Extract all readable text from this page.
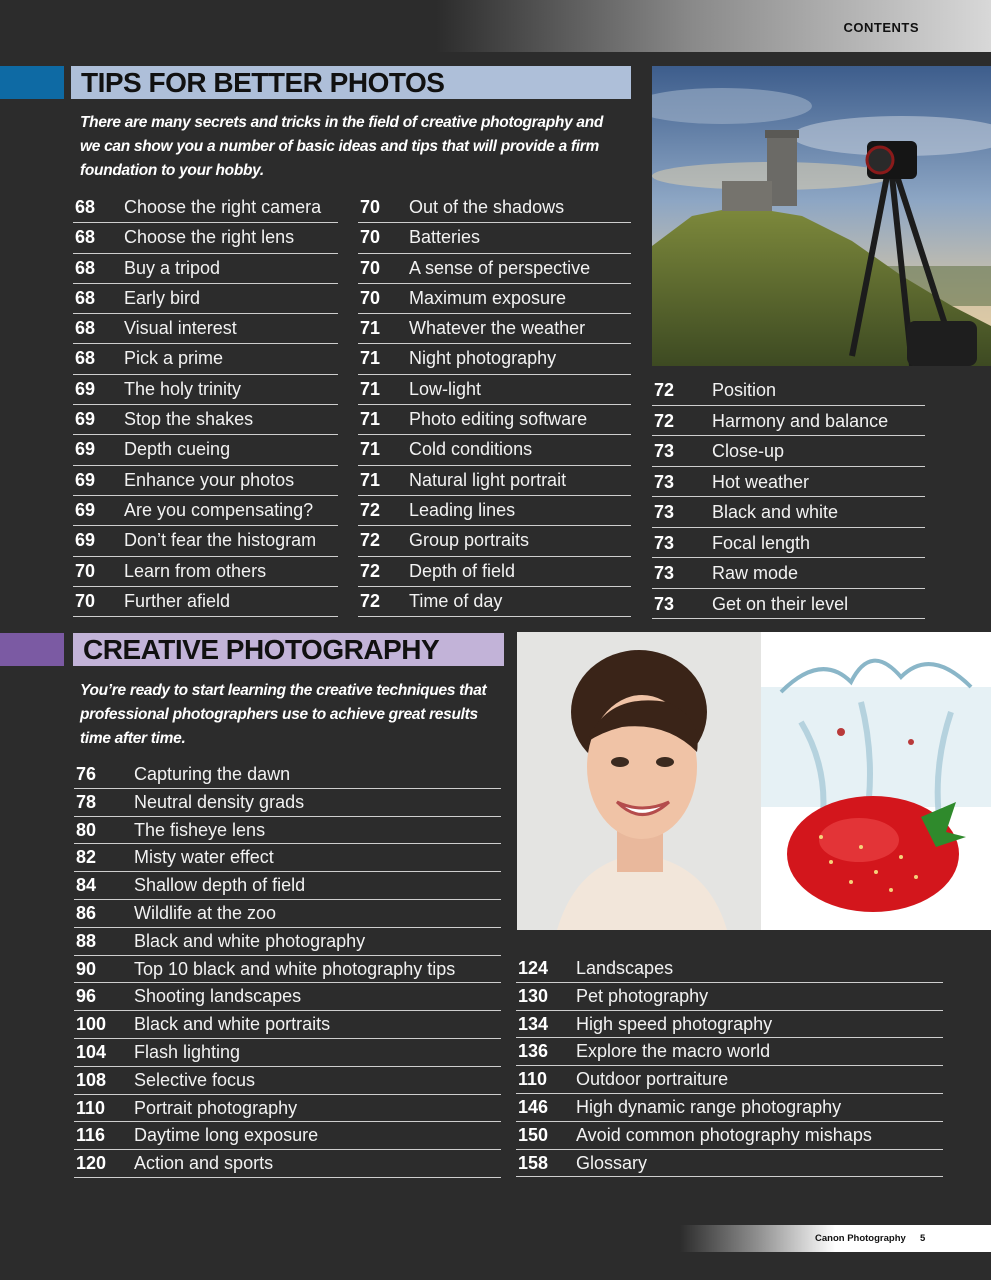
CONTENTS
TIPS FOR BETTER PHOTOS
There are many secrets and tricks in the field of creative photography and we can show you a number of basic ideas and tips that will provide a firm foundation to your hobby.
68 Choose the right camera
68 Choose the right lens
68 Buy a tripod
68 Early bird
68 Visual interest
68 Pick a prime
69 The holy trinity
69 Stop the shakes
69 Depth cueing
69 Enhance your photos
69 Are you compensating?
69 Don’t fear the histogram
70 Learn from others
70 Further afield
70 Out of the shadows
70 Batteries
70 A sense of perspective
70 Maximum exposure
71 Whatever the weather
71 Night photography
71 Low-light
71 Photo editing software
71 Cold conditions
71 Natural light portrait
72 Leading lines
72 Group portraits
72 Depth of field
72 Time of day
72 Position
72 Harmony and balance
73 Close-up
73 Hot weather
73 Black and white
73 Focal length
73 Raw mode
73 Get on their level
CREATIVE PHOTOGRAPHY
You’re ready to start learning the creative techniques that professional photographers use to achieve great results time after time.
76 Capturing the dawn
78 Neutral density grads
80 The fisheye lens
82 Misty water effect
84 Shallow depth of field
86 Wildlife at the zoo
88 Black and white photography
90 Top 10 black and white photography tips
96 Shooting landscapes
100 Black and white portraits
104 Flash lighting
108 Selective focus
110 Portrait photography
116 Daytime long exposure
120 Action and sports
124 Landscapes
130 Pet photography
134 High speed photography
136 Explore the macro world
110 Outdoor portraiture
146 High dynamic range photography
150 Avoid common photography mishaps
158 Glossary
Canon Photography 5
